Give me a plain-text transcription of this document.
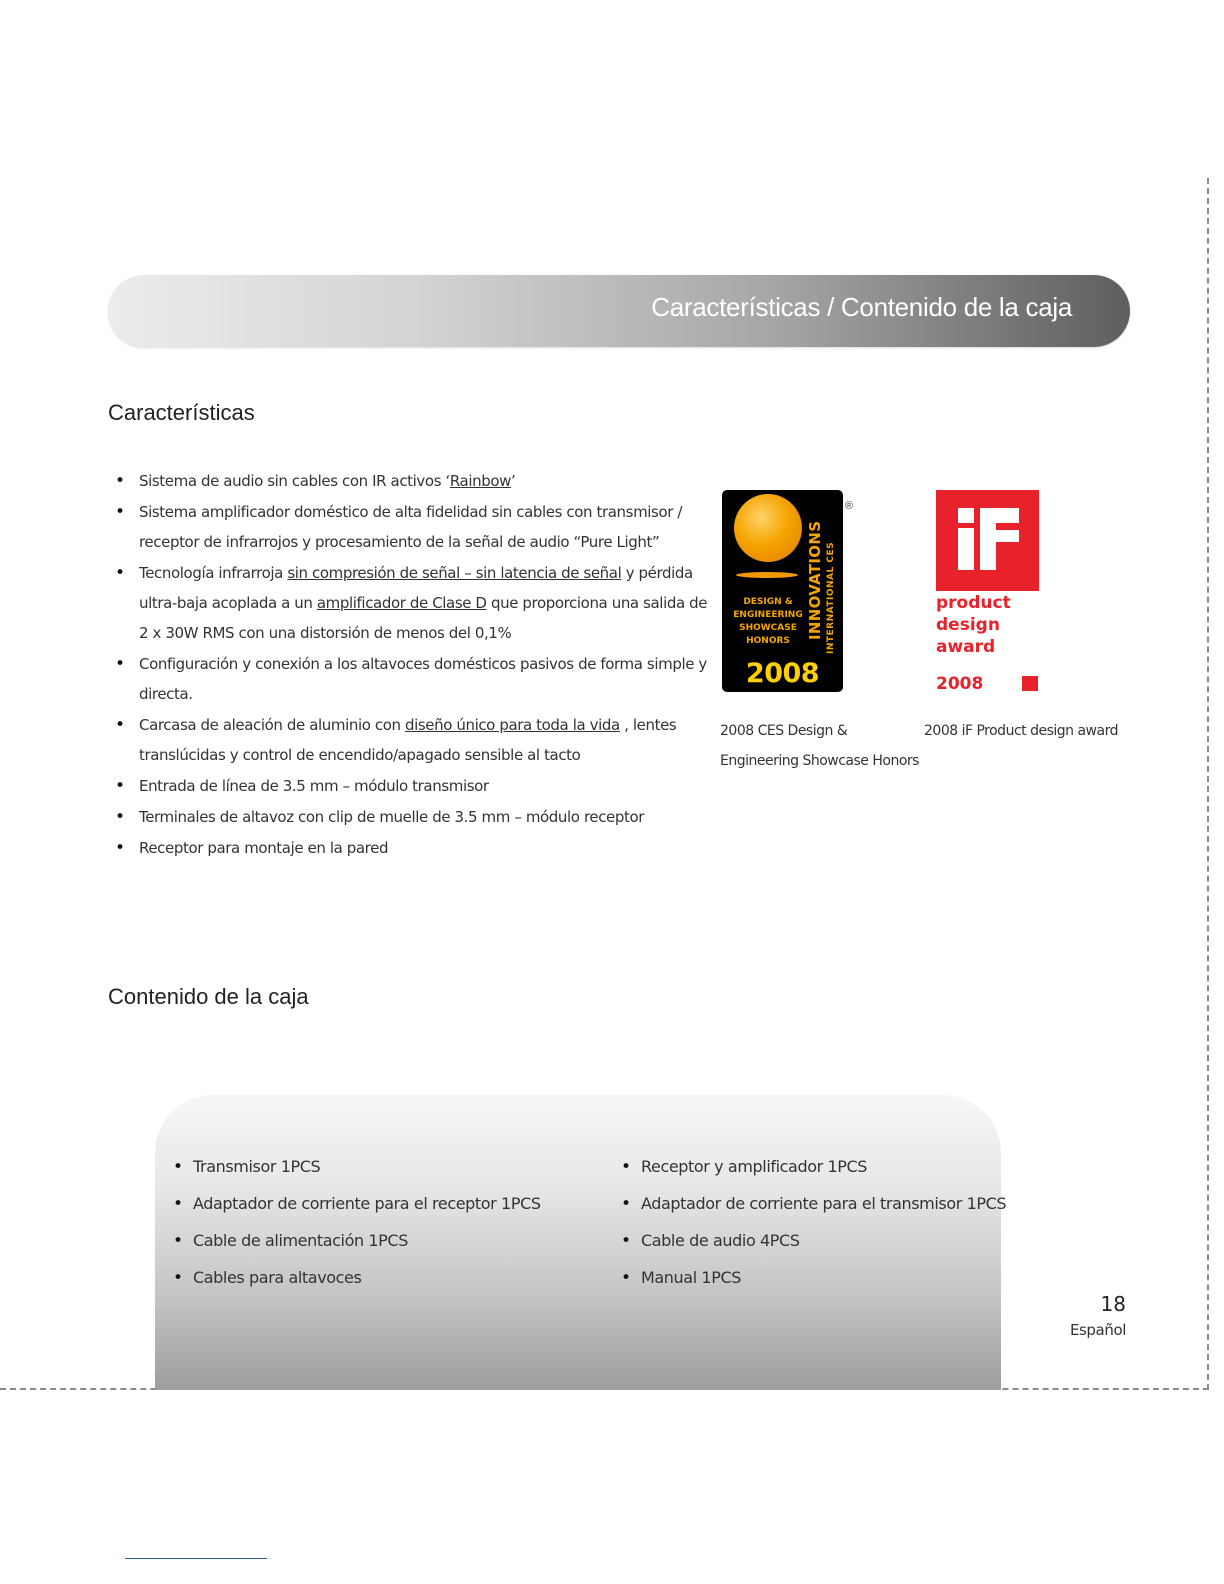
Características / Contenido de la caja
Características
• Sistema de audio sin cables con IR activos ‘Rainbow’
• Sistema amplificador doméstico de alta fidelidad sin cables con transmisor / receptor de infrarrojos y procesamiento de la señal de audio “Pure Light”
• Tecnología infrarroja sin compresión de señal – sin latencia de señal y pérdida ultra-baja acoplada a un amplificador de Clase D que proporciona una salida de 2 x 30W RMS con una distorsión de menos del 0,1%
• Configuración y conexión a los altavoces domésticos pasivos de forma simple y directa.
• Carcasa de aleación de aluminio con diseño único para toda la vida , lentes translúcidas y control de encendido/apagado sensible al tacto
• Entrada de línea de 3.5 mm – módulo transmisor
• Terminales de altavoz con clip de muelle de 3.5 mm – módulo receptor
• Receptor para montaje en la pared
DESIGN &
ENGINEERING
SHOWCASE
HONORS
INNOVATIONS INTERNATIONAL CES
2008
®
product
design
award
2008
2008 CES Design & Engineering Showcase Honors
2008 iF Product design award
Contenido de la caja
• Transmisor 1PCS
• Adaptador de corriente para el receptor 1PCS
• Cable de alimentación 1PCS
• Cables para altavoces
• Receptor y amplificador 1PCS
• Adaptador de corriente para el transmisor 1PCS
• Cable de audio 4PCS
• Manual 1PCS
18
Español
